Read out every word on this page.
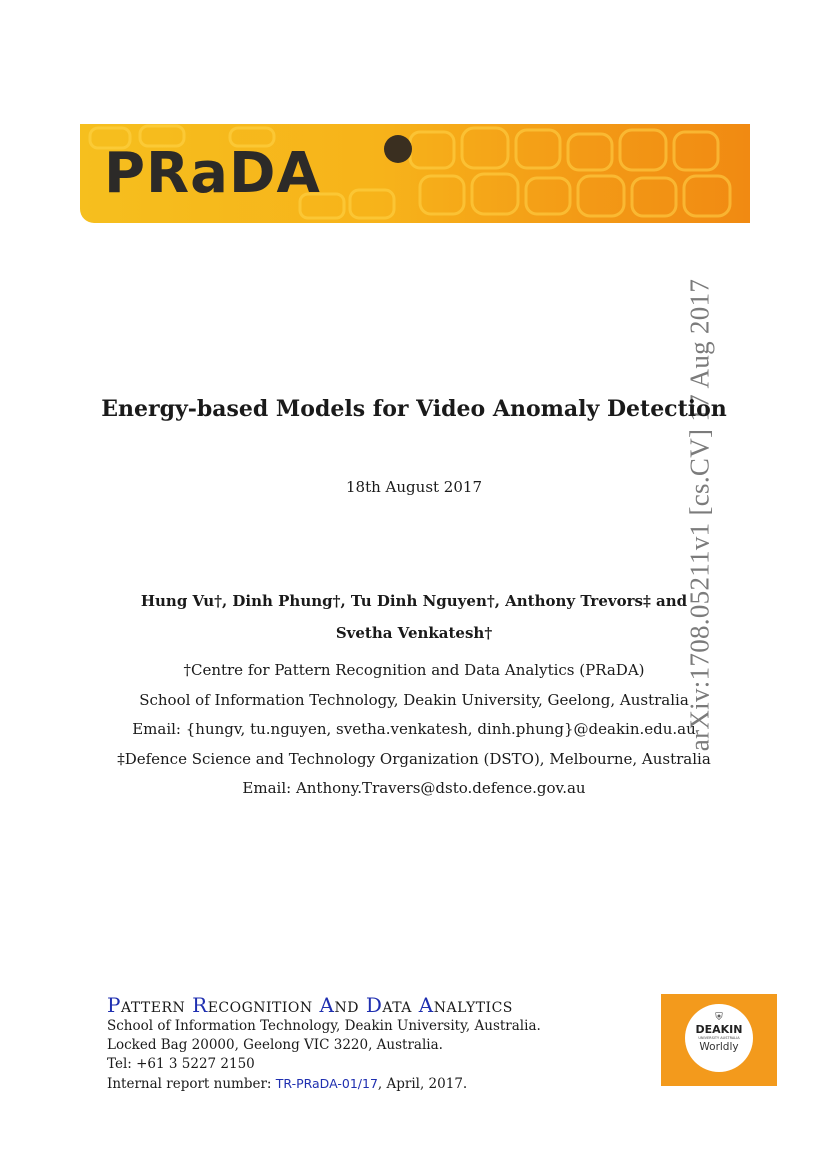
PRaDA
arXiv:1708.05211v1 [cs.CV] 17 Aug 2017
Energy-based Models for Video Anomaly Detection
18th August 2017
Hung Vu†, Dinh Phung†, Tu Dinh Nguyen†, Anthony Trevors‡ and
Svetha Venkatesh†
†Centre for Pattern Recognition and Data Analytics (PRaDA)
School of Information Technology, Deakin University, Geelong, Australia
Email: {hungv, tu.nguyen, svetha.venkatesh, dinh.phung}@deakin.edu.au
‡Defence Science and Technology Organization (DSTO), Melbourne, Australia
Email: Anthony.Travers@dsto.defence.gov.au
Pattern Recognition And Data Analytics
School of Information Technology, Deakin University, Australia.
Locked Bag 20000, Geelong VIC 3220, Australia.
Tel: +61 3 5227 2150
Internal report number: TR-PRaDA-01/17, April, 2017.
⛨
DEAKIN
UNIVERSITY AUSTRALIA
Worldly
